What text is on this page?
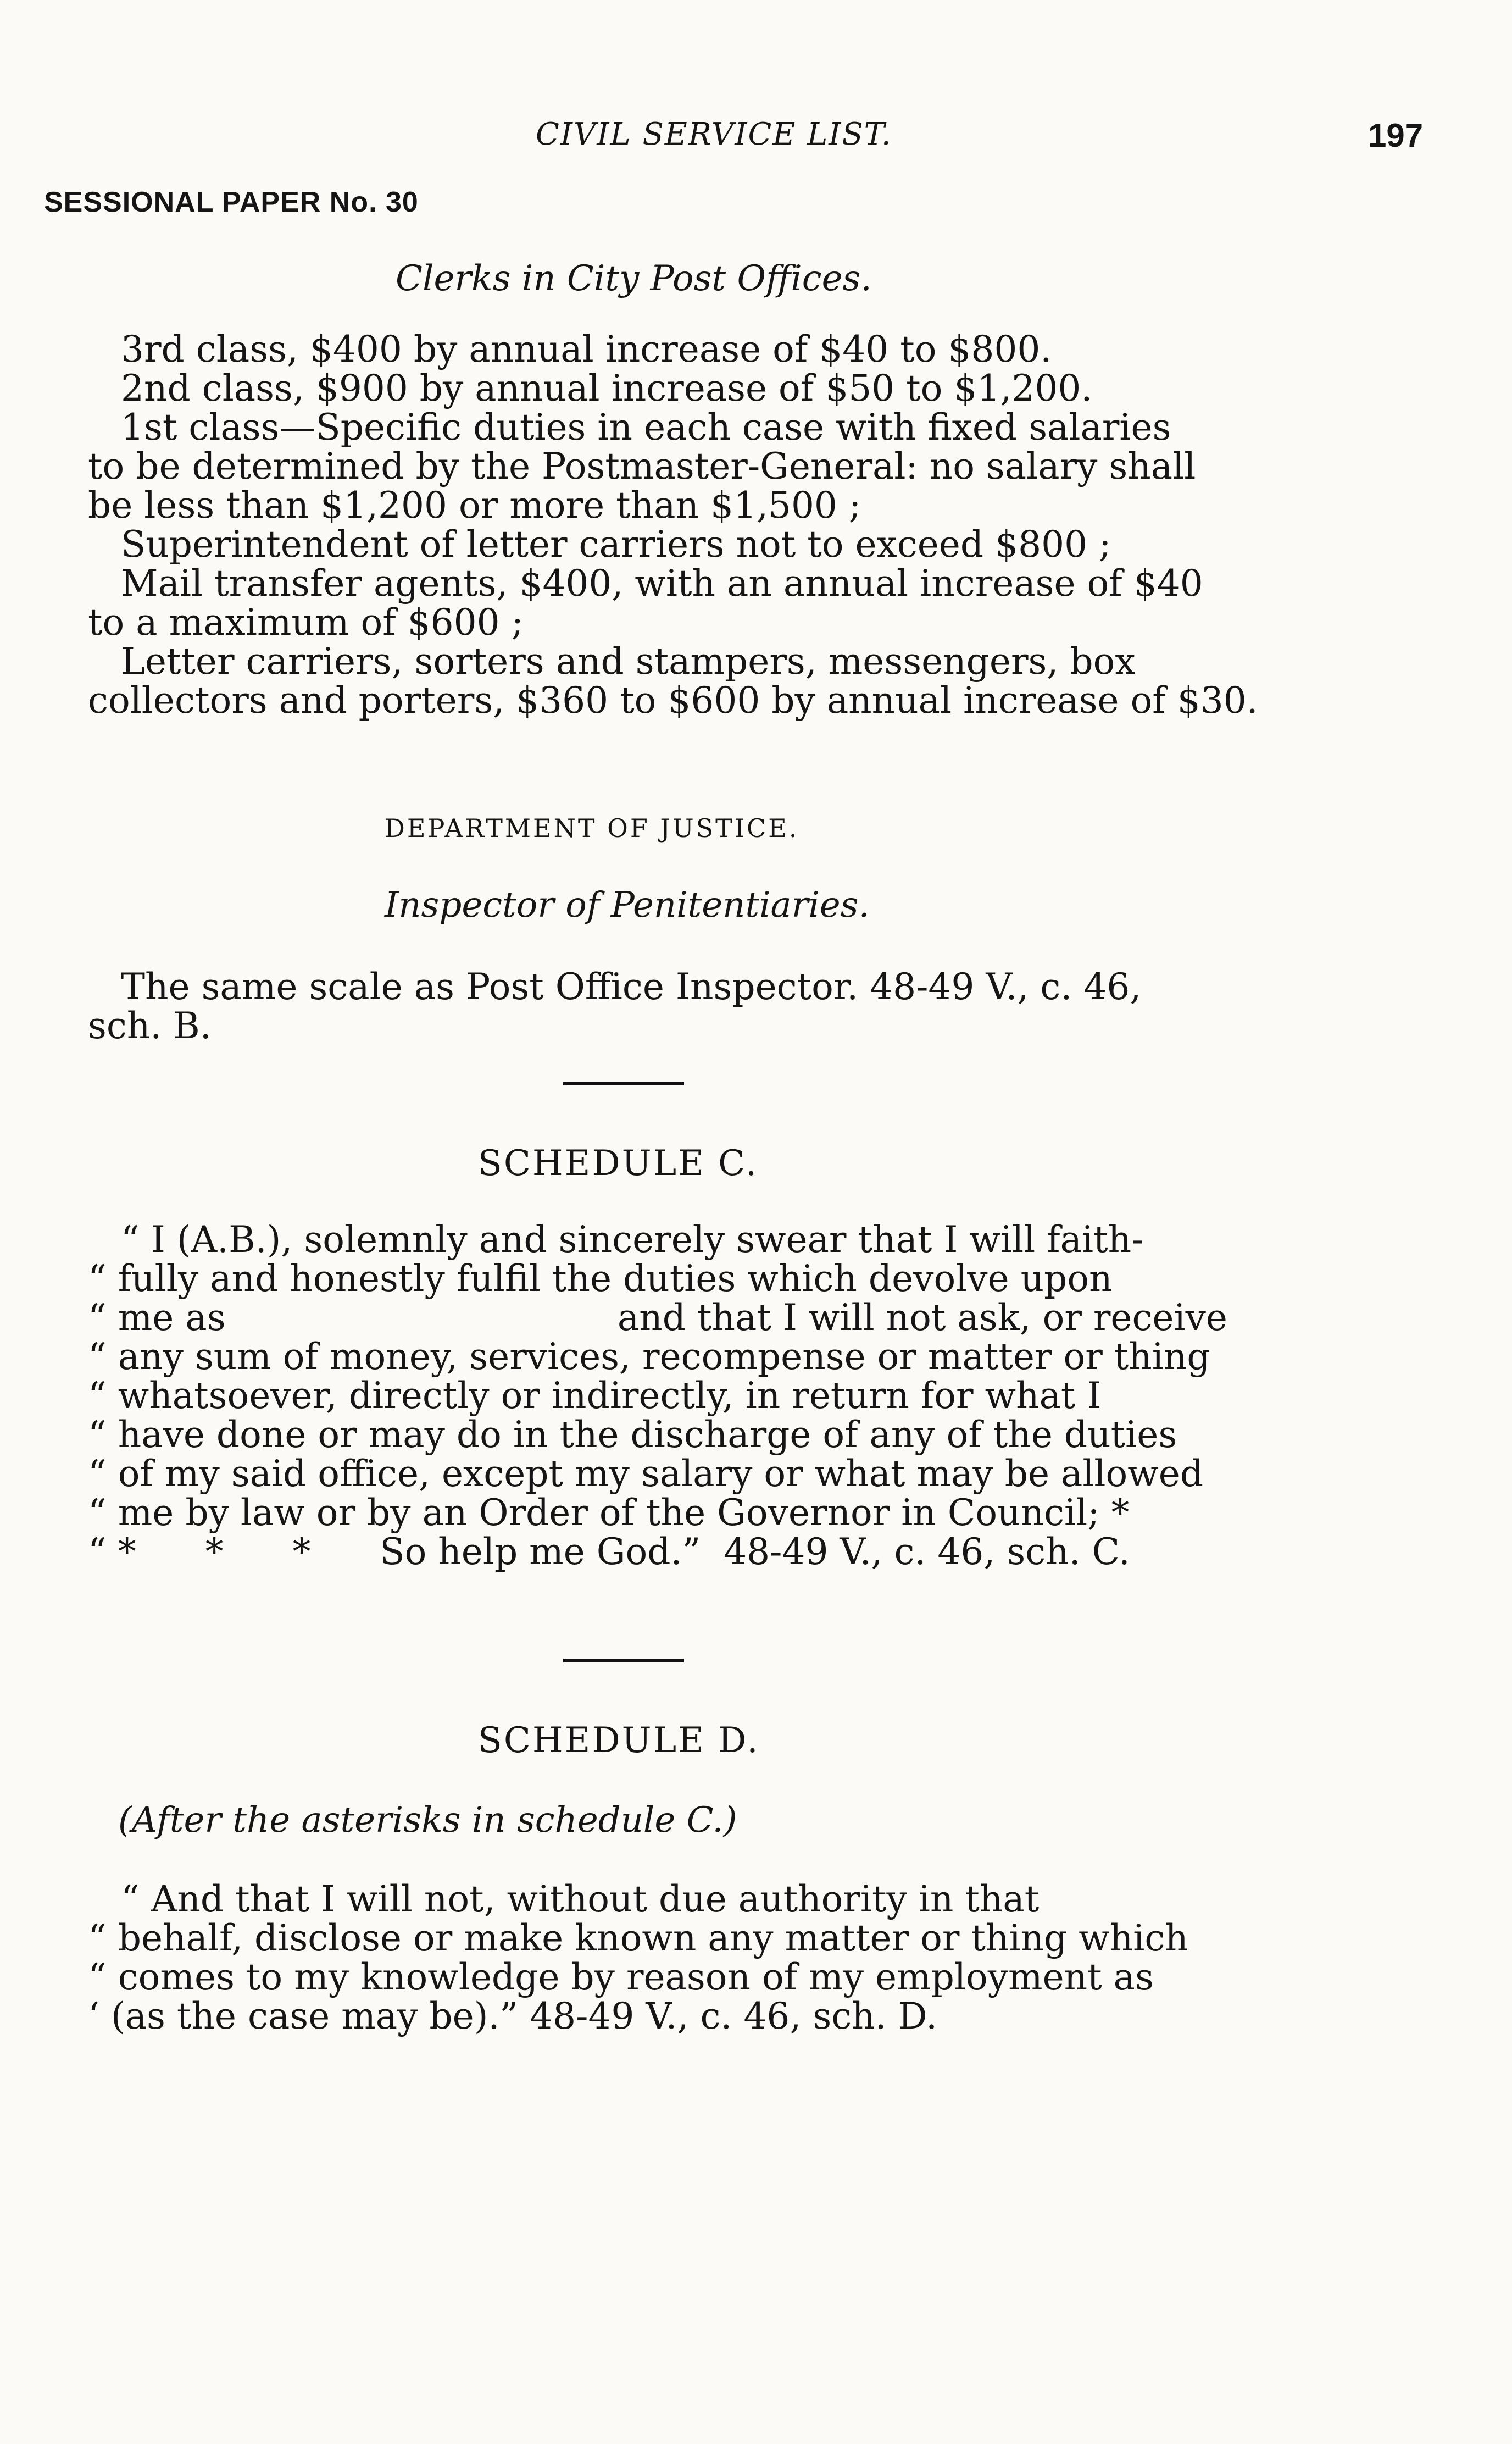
CIVIL SERVICE LIST.	197
SESSIONAL PAPER No. 30
Clerks in City Post Offices.
3rd class, $400 by annual increase of $40 to $800.
2nd class, $900 by annual increase of $50 to $1,200.
1st class—Specific duties in each case with fixed salaries
to be determined by the Postmaster-General: no salary shall
be less than $1,200 or more than $1,500 ;
Superintendent of letter carriers not to exceed $800 ;
Mail transfer agents, $400, with an annual increase of $40
to a maximum of $600 ;
Letter carriers, sorters and stampers, messengers, box
collectors and porters, $360 to $600 by annual increase of $30.
DEPARTMENT OF JUSTICE.
Inspector of Penitentiaries.
The same scale as Post Office Inspector. 48-49 V., c. 46,
sch. B.
SCHEDULE C.
“ I (A.B.), solemnly and sincerely swear that I will faith-
“ fully and honestly fulfil the duties which devolve upon
“ me as                                  and that I will not ask, or receive
“ any sum of money, services, recompense or matter or thing
“ whatsoever, directly or indirectly, in return for what I
“ have done or may do in the discharge of any of the duties
“ of my said office, except my salary or what may be allowed
“ me by law or by an Order of the Governor in Council; *
“ *      *      *      So help me God.”  48-49 V., c. 46, sch. C.
SCHEDULE D.
(After the asterisks in schedule C.)
“ And that I will not, without due authority in that
“ behalf, disclose or make known any matter or thing which
“ comes to my knowledge by reason of my employment as
‘ (as the case may be).” 48-49 V., c. 46, sch. D.
